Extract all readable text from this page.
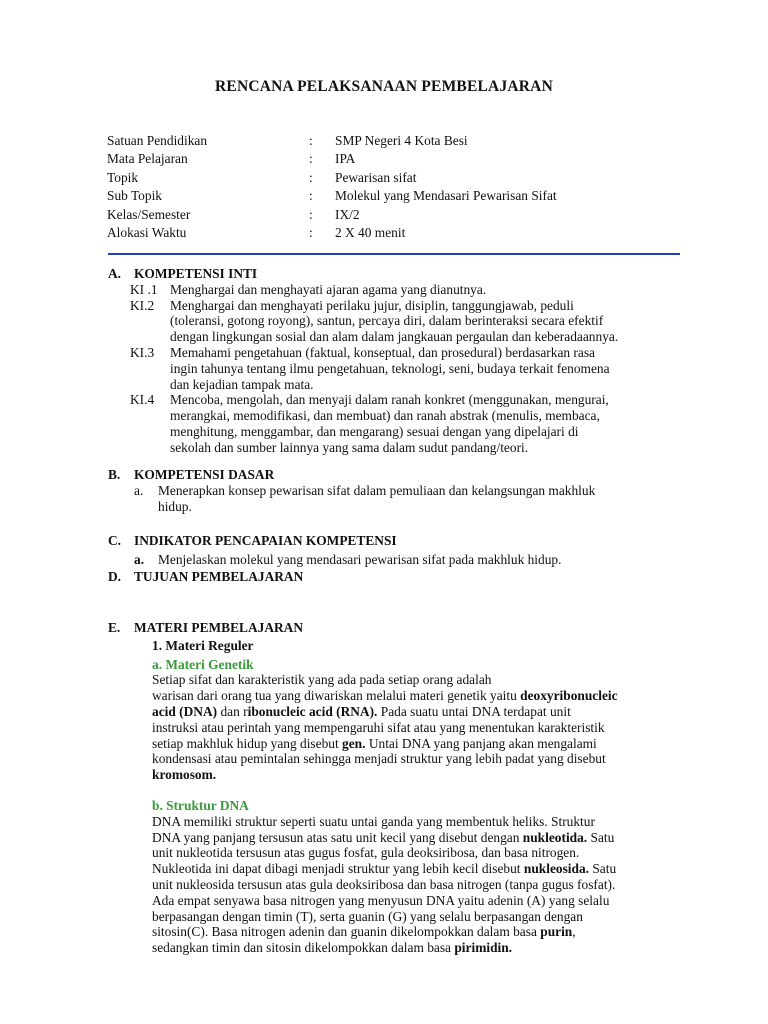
RENCANA PELAKSANAAN PEMBELAJARAN
Satuan Pendidikan	: SMP Negeri 4 Kota Besi
Mata Pelajaran	: IPA
Topik	: Pewarisan sifat
Sub Topik	: Molekul yang Mendasari Pewarisan Sifat
Kelas/Semester	: IX/2
Alokasi Waktu	: 2 X 40 menit
A. KOMPETENSI INTI
KI .1 Menghargai dan menghayati ajaran agama yang dianutnya.
KI.2 Menghargai dan menghayati perilaku jujur, disiplin, tanggungjawab, peduli
(toleransi, gotong royong), santun, percaya diri, dalam berinteraksi secara efektif
dengan lingkungan sosial dan alam dalam jangkauan pergaulan dan keberadaannya.
KI.3 Memahami pengetahuan (faktual, konseptual, dan prosedural) berdasarkan rasa
ingin tahunya tentang ilmu pengetahuan, teknologi, seni, budaya terkait fenomena
dan kejadian tampak mata.
KI.4 Mencoba, mengolah, dan menyaji dalam ranah konkret (menggunakan, mengurai,
merangkai, memodifikasi, dan membuat) dan ranah abstrak (menulis, membaca,
menghitung, menggambar, dan mengarang) sesuai dengan yang dipelajari di
sekolah dan sumber lainnya yang sama dalam sudut pandang/teori.
B. KOMPETENSI DASAR
a. Menerapkan konsep pewarisan sifat dalam pemuliaan dan kelangsungan makhluk
hidup.
C. INDIKATOR PENCAPAIAN KOMPETENSI
a. Menjelaskan molekul yang mendasari pewarisan sifat pada makhluk hidup.
D. TUJUAN PEMBELAJARAN
E. MATERI PEMBELAJARAN
1. Materi Reguler
a. Materi Genetik
Setiap sifat dan karakteristik yang ada pada setiap orang adalah
warisan dari orang tua yang diwariskan melalui materi genetik yaitu deoxyribonucleic
acid (DNA) dan ribonucleic acid (RNA). Pada suatu untai DNA terdapat unit
instruksi atau perintah yang mempengaruhi sifat atau yang menentukan karakteristik
setiap makhluk hidup yang disebut gen. Untai DNA yang panjang akan mengalami
kondensasi atau pemintalan sehingga menjadi struktur yang lebih padat yang disebut
kromosom.
b. Struktur DNA
DNA memiliki struktur seperti suatu untai ganda yang membentuk heliks. Struktur
DNA yang panjang tersusun atas satu unit kecil yang disebut dengan nukleotida. Satu
unit nukleotida tersusun atas gugus fosfat, gula deoksiribosa, dan basa nitrogen.
Nukleotida ini dapat dibagi menjadi struktur yang lebih kecil disebut nukleosida. Satu
unit nukleosida tersusun atas gula deoksiribosa dan basa nitrogen (tanpa gugus fosfat).
Ada empat senyawa basa nitrogen yang menyusun DNA yaitu adenin (A) yang selalu
berpasangan dengan timin (T), serta guanin (G) yang selalu berpasangan dengan
sitosin(C). Basa nitrogen adenin dan guanin dikelompokkan dalam basa purin,
sedangkan timin dan sitosin dikelompokkan dalam basa pirimidin.
